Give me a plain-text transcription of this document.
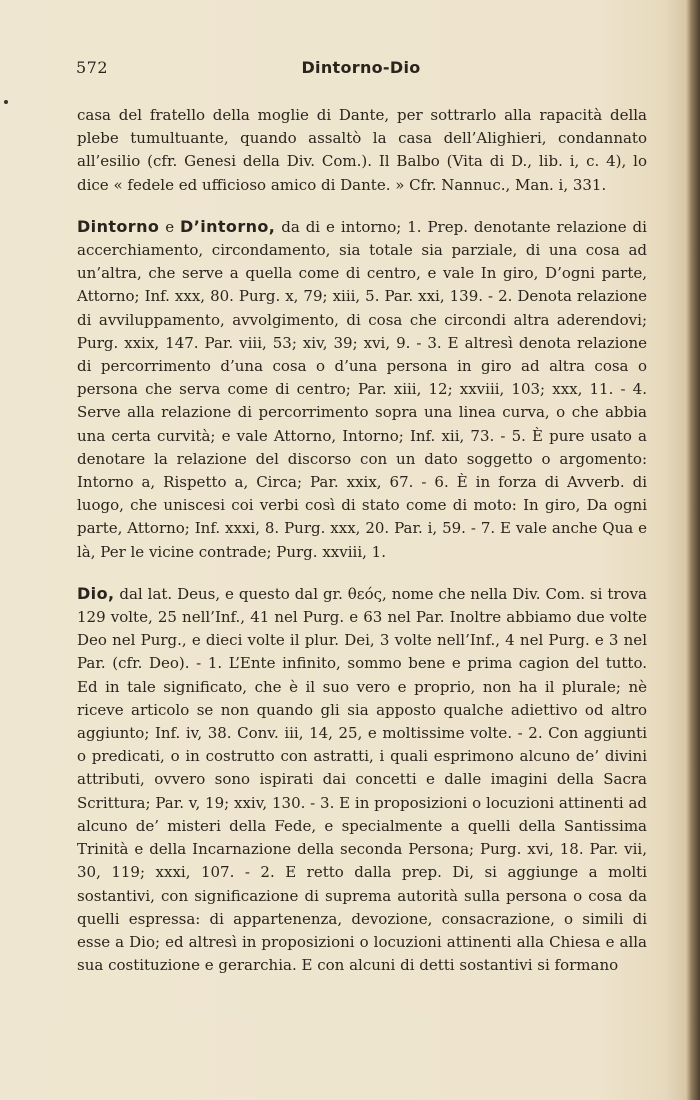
572	Dintorno-Dio

casa del fratello della moglie di Dante, per sottrarlo alla rapacità della plebe tumultuante, quando assaltò la casa dell’Alighieri, condannato all’esilio (cfr. Genesi della Div. Com.). Il Balbo (Vita di D., lib. i, c. 4), lo dice « fedele ed ufficioso amico di Dante. » Cfr. Nannuc., Man. i, 331.

Dintorno e D’intorno, da di e intorno; 1. Prep. denotante relazione di accerchiamento, circondamento, sia totale sia parziale, di una cosa ad un’altra, che serve a quella come di centro, e vale In giro, D’ogni parte, Attorno; Inf. xxx, 80. Purg. x, 79; xiii, 5. Par. xxi, 139. - 2. Denota relazione di avviluppamento, avvolgimento, di cosa che circondi altra aderendovi; Purg. xxix, 147. Par. viii, 53; xiv, 39; xvi, 9. - 3. E altresì denota relazione di percorrimento d’una cosa o d’una persona in giro ad altra cosa o persona che serva come di centro; Par. xiii, 12; xxviii, 103; xxx, 11. - 4. Serve alla relazione di percorrimento sopra una linea curva, o che abbia una certa curvità; e vale Attorno, Intorno; Inf. xii, 73. - 5. È pure usato a denotare la relazione del discorso con un dato soggetto o argomento: Intorno a, Rispetto a, Circa; Par. xxix, 67. - 6. È in forza di Avverb. di luogo, che uniscesi coi verbi così di stato come di moto: In giro, Da ogni parte, Attorno; Inf. xxxi, 8. Purg. xxx, 20. Par. i, 59. - 7. E vale anche Qua e là, Per le vicine contrade; Purg. xxviii, 1.

Dio, dal lat. Deus, e questo dal gr. θεός, nome che nella Div. Com. si trova 129 volte, 25 nell’Inf., 41 nel Purg. e 63 nel Par. Inoltre abbiamo due volte Deo nel Purg., e dieci volte il plur. Dei, 3 volte nell’Inf., 4 nel Purg. e 3 nel Par. (cfr. Deo). - 1. L’Ente infinito, sommo bene e prima cagion del tutto. Ed in tale significato, che è il suo vero e proprio, non ha il plurale; nè riceve articolo se non quando gli sia apposto qualche adiettivo od altro aggiunto; Inf. iv, 38. Conv. iii, 14, 25, e moltissime volte. - 2. Con aggiunti o predicati, o in costrutto con astratti, i quali esprimono alcuno de’ divini attributi, ovvero sono ispirati dai concetti e dalle imagini della Sacra Scrittura; Par. v, 19; xxiv, 130. - 3. E in proposizioni o locuzioni attinenti ad alcuno de’ misteri della Fede, e specialmente a quelli della Santissima Trinità e della Incarnazione della seconda Persona; Purg. xvi, 18. Par. vii, 30, 119; xxxi, 107. - 2. E retto dalla prep. Di, si aggiunge a molti sostantivi, con significazione di suprema autorità sulla persona o cosa da quelli espressa: di appartenenza, devozione, consacrazione, o simili di esse a Dio; ed altresì in proposizioni o locuzioni attinenti alla Chiesa e alla sua costituzione e gerarchia. E con alcuni di detti sostantivi si formano
